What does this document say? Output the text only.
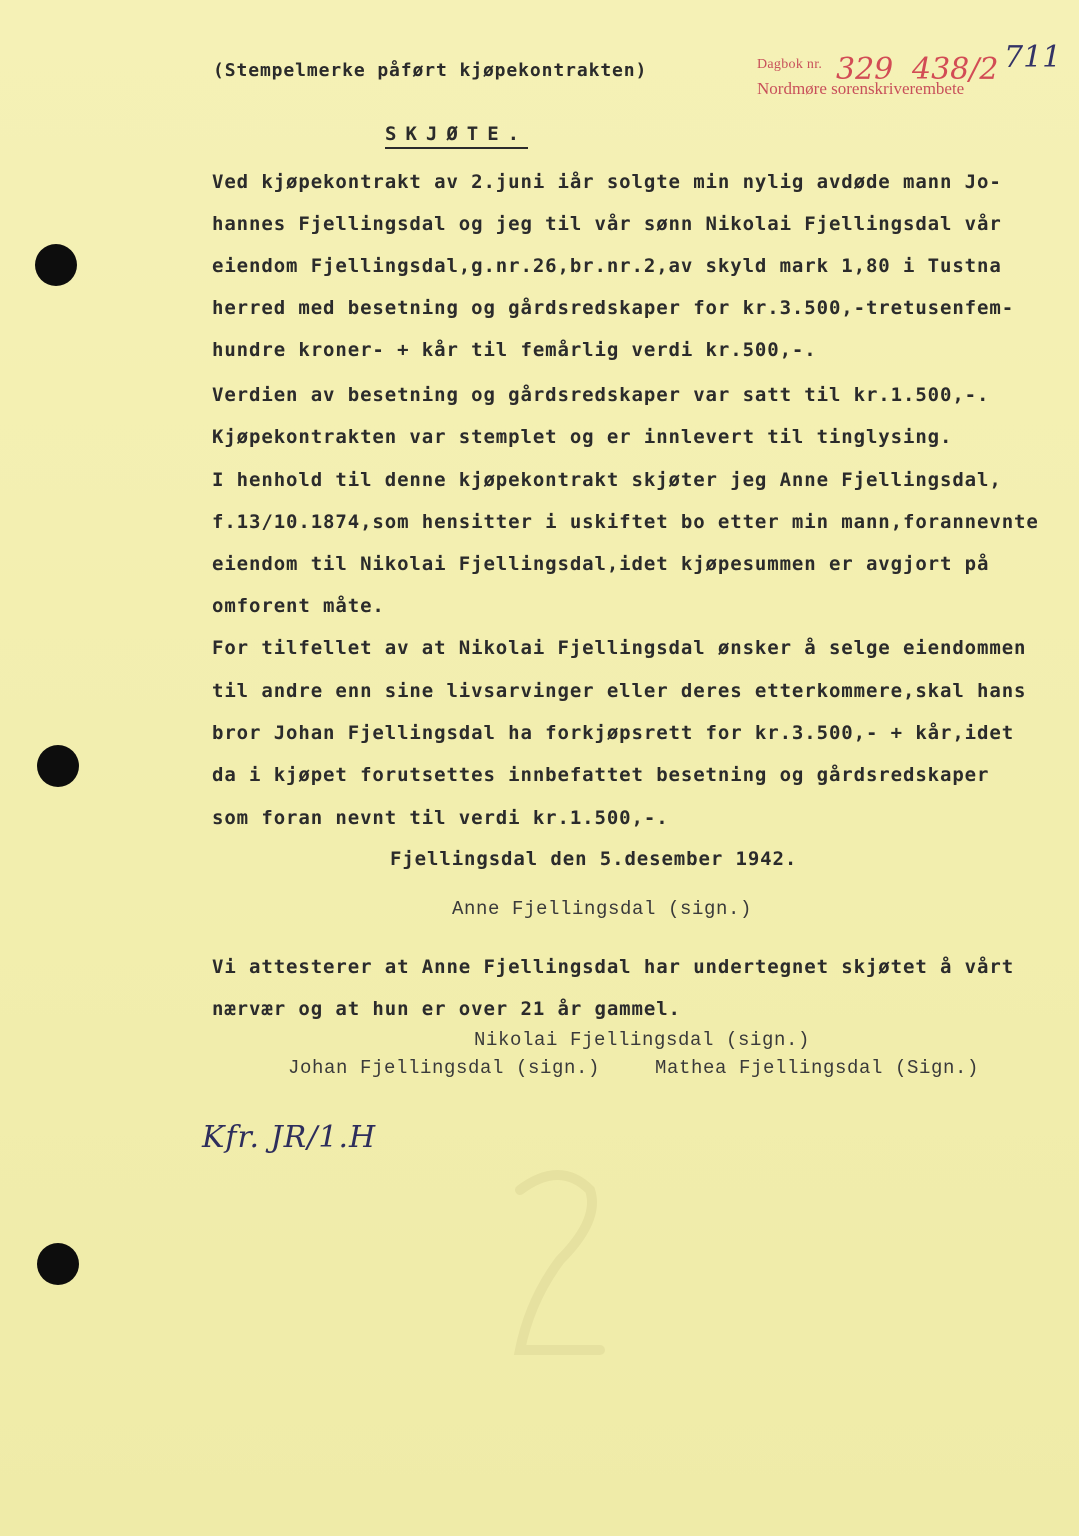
(Stempelmerke påført kjøpekontrakten)	Dagbok nr.
Nordmøre sorenskriverembete
329 438/2 711
SKJØTE.
Ved kjøpekontrakt av 2.juni iår solgte min nylig avdøde mann Jo-
hannes Fjellingsdal og jeg til vår sønn Nikolai Fjellingsdal vår
eiendom Fjellingsdal,g.nr.26,br.nr.2,av skyld mark 1,80 i Tustna
herred med besetning og gårdsredskaper for kr.3.500,-tretusenfem-
hundre kroner- + kår til femårlig verdi kr.500,-.
Verdien av besetning og gårdsredskaper var satt til kr.1.500,-.
Kjøpekontrakten var stemplet og er innlevert til tinglysing.
I henhold til denne kjøpekontrakt skjøter jeg Anne Fjellingsdal,
f.13/10.1874,som hensitter i uskiftet bo etter min mann,forannevnte
eiendom til Nikolai Fjellingsdal,idet kjøpesummen er avgjort på
omforent måte.
For tilfellet av at Nikolai Fjellingsdal ønsker å selge eiendommen
til andre enn sine livsarvinger eller deres etterkommere,skal hans
bror Johan Fjellingsdal ha forkjøpsrett for kr.3.500,- + kår,idet
da i kjøpet forutsettes innbefattet besetning og gårdsredskaper
som foran nevnt til verdi kr.1.500,-.
Fjellingsdal den 5.desember 1942.
Anne Fjellingsdal (sign.)
Vi attesterer at Anne Fjellingsdal har undertegnet skjøtet å vårt
nærvær og at hun er over 21 år gammel.
Nikolai Fjellingsdal (sign.)
Johan Fjellingsdal (sign.)	Mathea Fjellingsdal (Sign.)
Kfr. JR/1.H
